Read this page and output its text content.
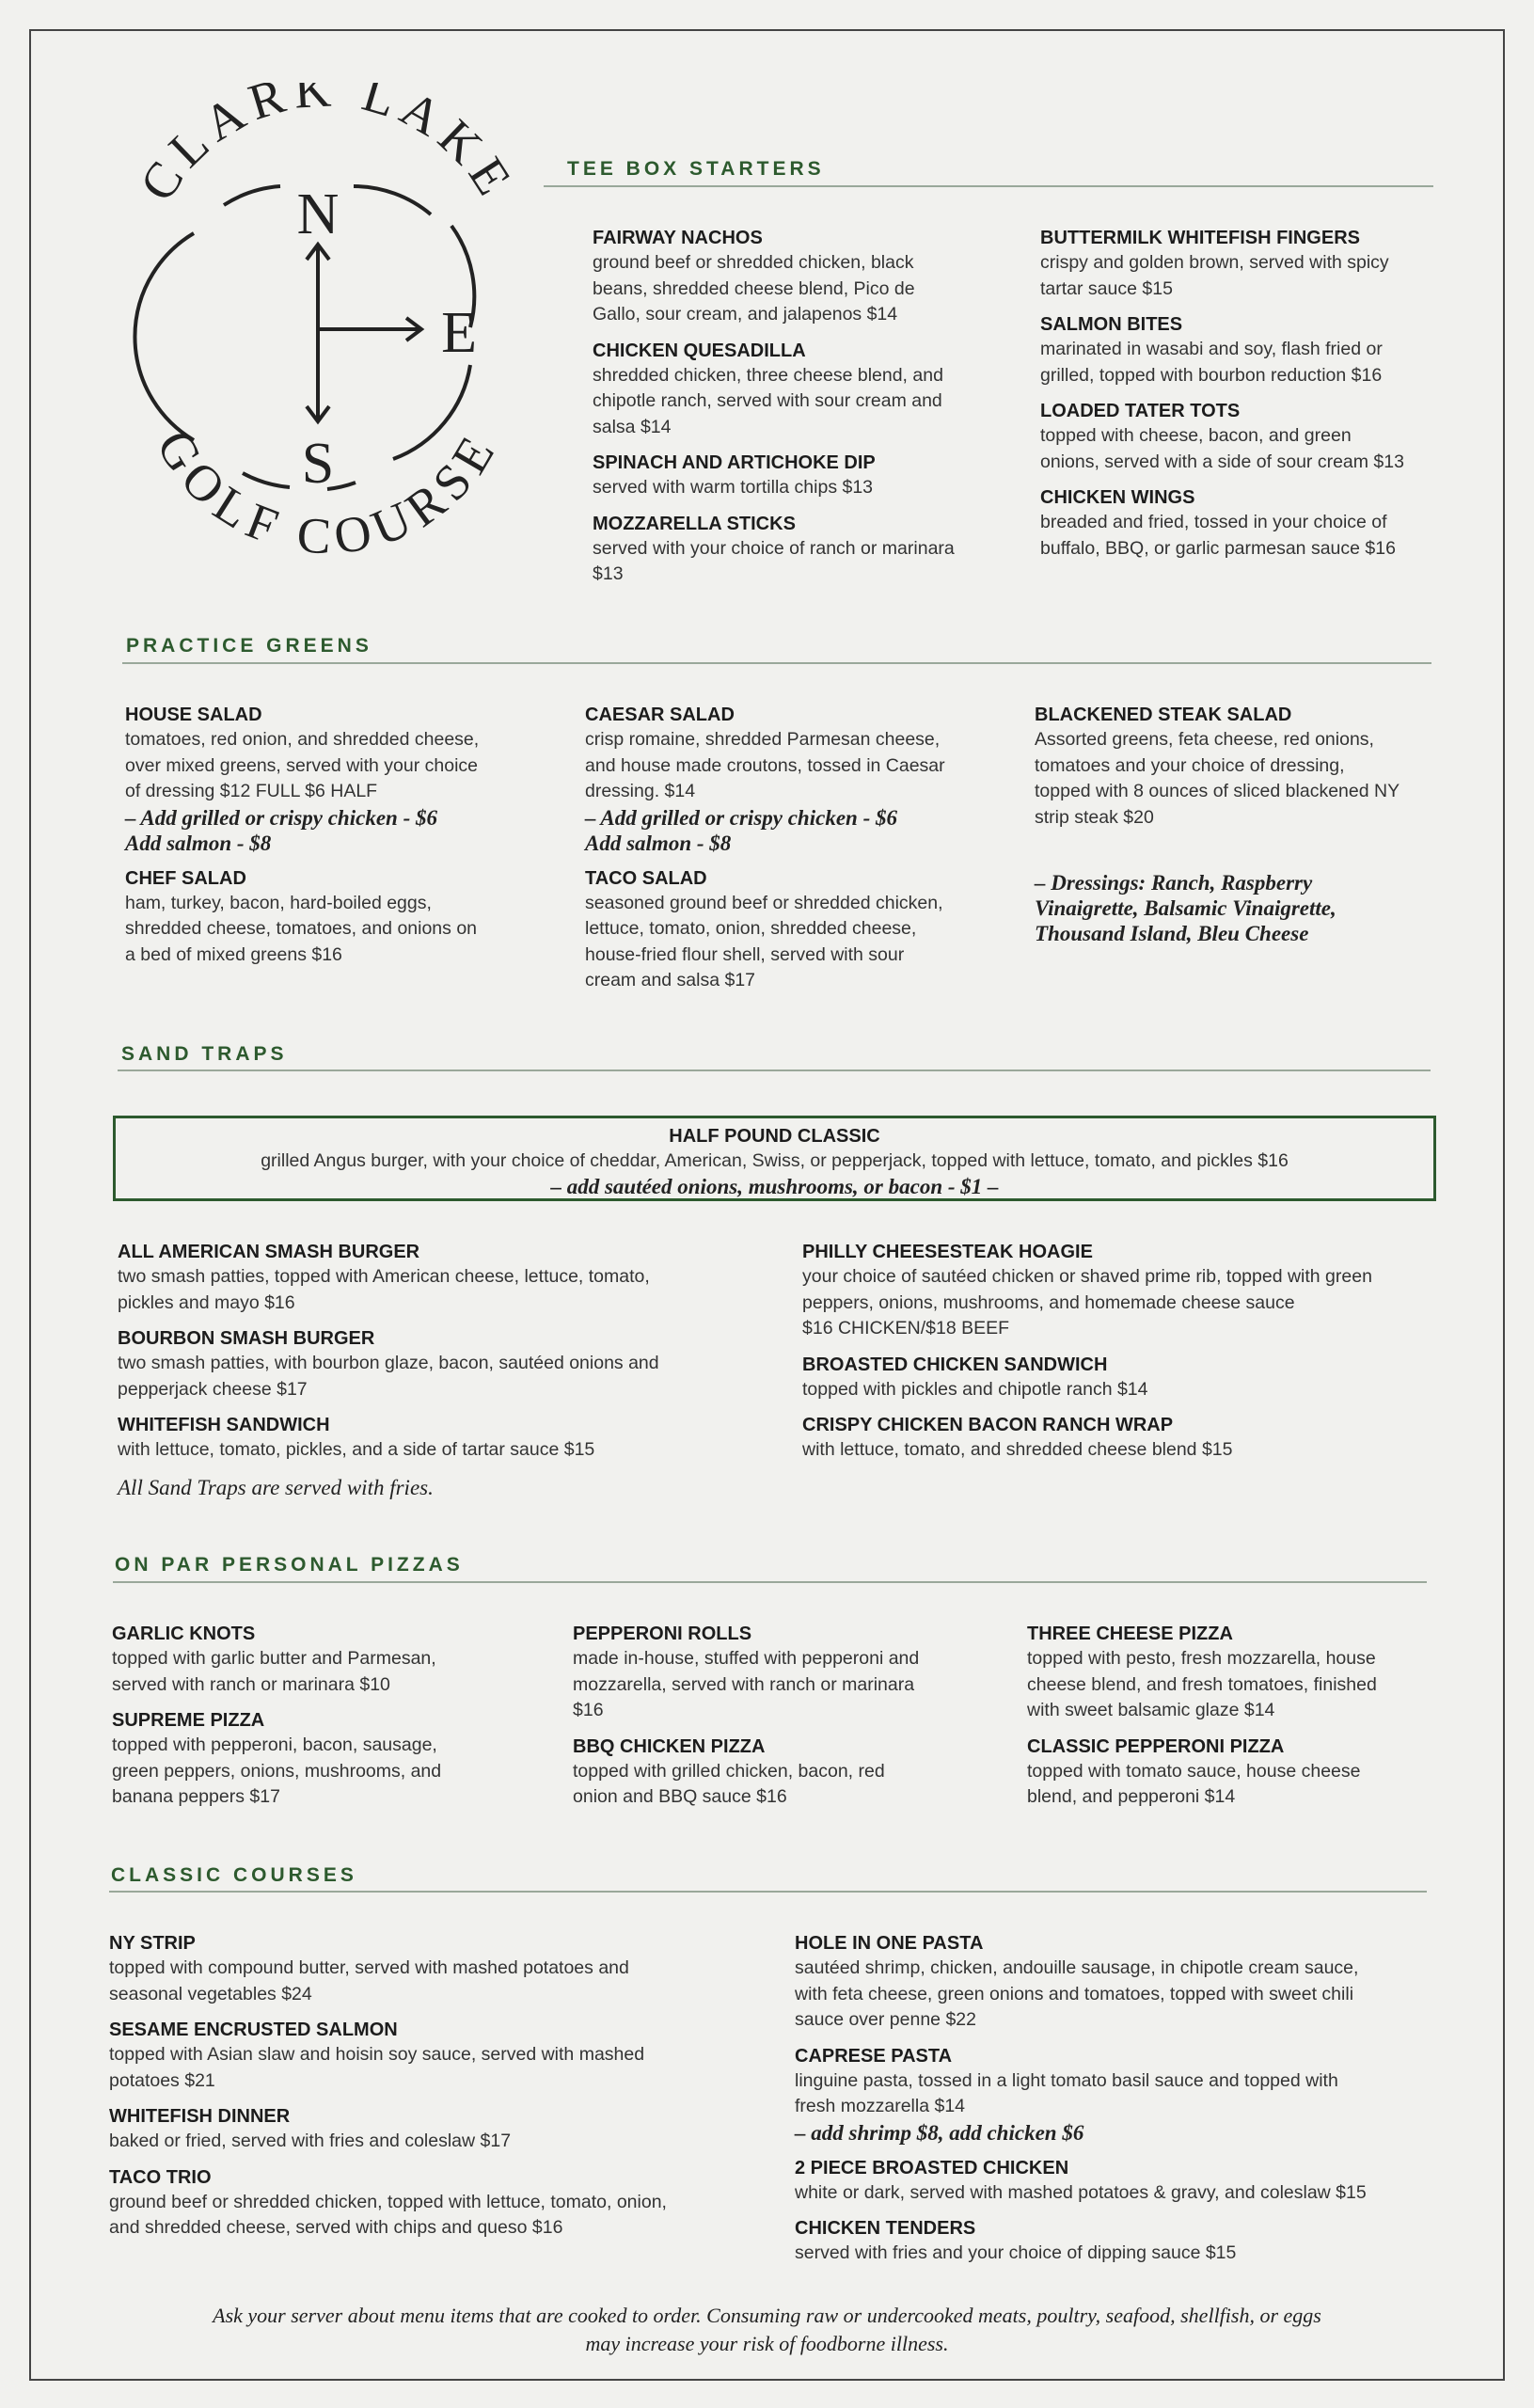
CLARK LAKE
GOLF COURSE
N
E
S
TEE BOX STARTERS
FAIRWAY NACHOS
ground beef or shredded chicken, black
beans, shredded cheese blend, Pico de
Gallo, sour cream, and jalapenos $14
CHICKEN QUESADILLA
shredded chicken, three cheese blend, and
chipotle ranch, served with sour cream and
salsa $14
SPINACH AND ARTICHOKE DIP
served with warm tortilla chips $13
MOZZARELLA STICKS
served with your choice of ranch or marinara
$13
BUTTERMILK WHITEFISH FINGERS
crispy and golden brown, served with spicy
tartar sauce $15
SALMON BITES
marinated in wasabi and soy, flash fried or
grilled, topped with bourbon reduction $16
LOADED TATER TOTS
topped with cheese, bacon, and green
onions, served with a side of sour cream $13
CHICKEN WINGS
breaded and fried, tossed in your choice of
buffalo, BBQ, or garlic parmesan sauce $16
PRACTICE GREENS
HOUSE SALAD
tomatoes, red onion, and shredded cheese,
over mixed greens, served with your choice
of dressing $12 FULL $6 HALF
– Add grilled or crispy chicken - $6
Add salmon - $8
CHEF SALAD
ham, turkey, bacon, hard-boiled eggs,
shredded cheese, tomatoes, and onions on
a bed of mixed greens $16
CAESAR SALAD
crisp romaine, shredded Parmesan cheese,
and house made croutons, tossed in Caesar
dressing. $14
– Add grilled or crispy chicken - $6
Add salmon - $8
TACO SALAD
seasoned ground beef or shredded chicken,
lettuce, tomato, onion, shredded cheese,
house-fried flour shell, served with sour
cream and salsa $17
BLACKENED STEAK SALAD
Assorted greens, feta cheese, red onions,
tomatoes and your choice of dressing,
topped with 8 ounces of sliced blackened NY
strip steak $20
– Dressings: Ranch, Raspberry
Vinaigrette, Balsamic Vinaigrette,
Thousand Island, Bleu Cheese
SAND TRAPS
HALF POUND CLASSIC
grilled Angus burger, with your choice of cheddar, American, Swiss, or pepperjack, topped with lettuce, tomato, and pickles $16
– add sautéed onions, mushrooms, or bacon - $1 –
ALL AMERICAN SMASH BURGER
two smash patties, topped with American cheese, lettuce, tomato,
pickles and mayo $16
BOURBON SMASH BURGER
two smash patties, with bourbon glaze, bacon, sautéed onions and
pepperjack cheese $17
WHITEFISH SANDWICH
with lettuce, tomato, pickles, and a side of tartar sauce $15
All Sand Traps are served with fries.
PHILLY CHEESESTEAK HOAGIE
your choice of sautéed chicken or shaved prime rib, topped with green
peppers, onions, mushrooms, and homemade cheese sauce
$16 CHICKEN/$18 BEEF
BROASTED CHICKEN SANDWICH
topped with pickles and chipotle ranch $14
CRISPY CHICKEN BACON RANCH WRAP
with lettuce, tomato, and shredded cheese blend $15
ON PAR PERSONAL PIZZAS
GARLIC KNOTS
topped with garlic butter and Parmesan,
served with ranch or marinara $10
SUPREME PIZZA
topped with pepperoni, bacon, sausage,
green peppers, onions, mushrooms, and
banana peppers $17
PEPPERONI ROLLS
made in-house, stuffed with pepperoni and
mozzarella, served with ranch or marinara
$16
BBQ CHICKEN PIZZA
topped with grilled chicken, bacon, red
onion and BBQ sauce $16
THREE CHEESE PIZZA
topped with pesto, fresh mozzarella, house
cheese blend, and fresh tomatoes, finished
with sweet balsamic glaze $14
CLASSIC PEPPERONI PIZZA
topped with tomato sauce, house cheese
blend, and pepperoni $14
CLASSIC COURSES
NY STRIP
topped with compound butter, served with mashed potatoes and
seasonal vegetables $24
SESAME ENCRUSTED SALMON
topped with Asian slaw and hoisin soy sauce, served with mashed
potatoes $21
WHITEFISH DINNER
baked or fried, served with fries and coleslaw $17
TACO TRIO
ground beef or shredded chicken, topped with lettuce, tomato, onion,
and shredded cheese, served with chips and queso $16
HOLE IN ONE PASTA
sautéed shrimp, chicken, andouille sausage, in chipotle cream sauce,
with feta cheese, green onions and tomatoes, topped with sweet chili
sauce over penne $22
CAPRESE PASTA
linguine pasta, tossed in a light tomato basil sauce and topped with
fresh mozzarella $14
– add shrimp $8, add chicken $6
2 PIECE BROASTED CHICKEN
white or dark, served with mashed potatoes & gravy, and coleslaw $15
CHICKEN TENDERS
served with fries and your choice of dipping sauce $15
Ask your server about menu items that are cooked to order. Consuming raw or undercooked meats, poultry, seafood, shellfish, or eggs
may increase your risk of foodborne illness.
